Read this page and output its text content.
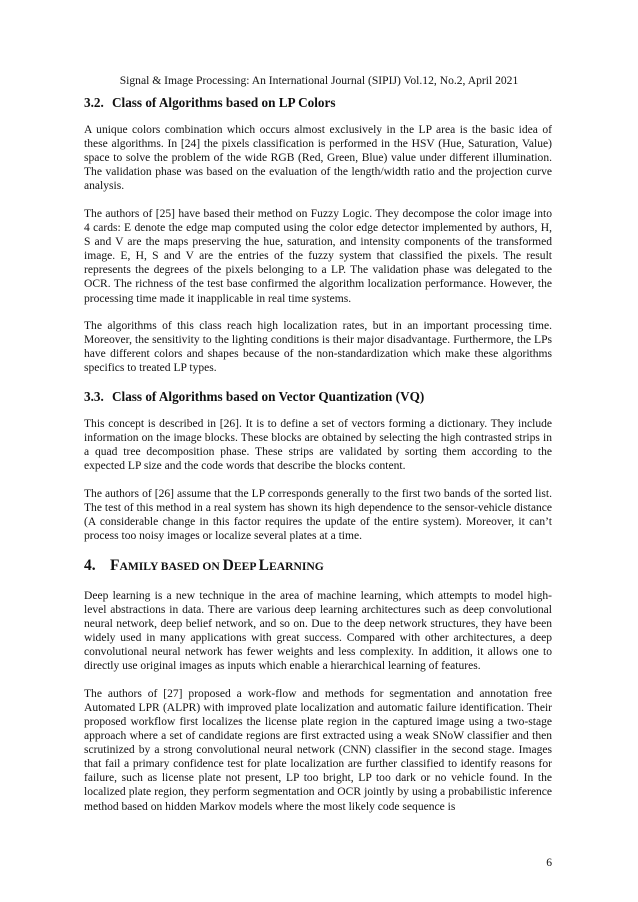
Signal & Image Processing: An International Journal (SIPIJ) Vol.12, No.2, April 2021
3.2. Class of Algorithms based on LP Colors

A unique colors combination which occurs almost exclusively in the LP area is the basic idea of these algorithms. In [24] the pixels classification is performed in the HSV (Hue, Saturation, Value) space to solve the problem of the wide RGB (Red, Green, Blue) value under different illumination. The validation phase was based on the evaluation of the length/width ratio and the projection curve analysis.

The authors of [25] have based their method on Fuzzy Logic. They decompose the color image into 4 cards: E denote the edge map computed using the color edge detector implemented by authors, H, S and V are the maps preserving the hue, saturation, and intensity components of the transformed image. E, H, S and V are the entries of the fuzzy system that classified the pixels. The result represents the degrees of the pixels belonging to a LP. The validation phase was delegated to the OCR. The richness of the test base confirmed the algorithm localization performance. However, the processing time made it inapplicable in real time systems.

The algorithms of this class reach high localization rates, but in an important processing time. Moreover, the sensitivity to the lighting conditions is their major disadvantage. Furthermore, the LPs have different colors and shapes because of the non-standardization which make these algorithms specifics to treated LP types.

3.3. Class of Algorithms based on Vector Quantization (VQ)

This concept is described in [26]. It is to define a set of vectors forming a dictionary. They include information on the image blocks. These blocks are obtained by selecting the high contrasted strips in a quad tree decomposition phase. These strips are validated by sorting them according to the expected LP size and the code words that describe the blocks content.

The authors of [26] assume that the LP corresponds generally to the first two bands of the sorted list. The test of this method in a real system has shown its high dependence to the sensor-vehicle distance (A considerable change in this factor requires the update of the entire system). Moreover, it can’t process too noisy images or localize several plates at a time.

4. FAMILY BASED ON DEEP LEARNING

Deep learning is a new technique in the area of machine learning, which attempts to model high-level abstractions in data. There are various deep learning architectures such as deep convolutional neural network, deep belief network, and so on. Due to the deep network structures, they have been widely used in many applications with great success. Compared with other architectures, a deep convolutional neural network has fewer weights and less complexity. In addition, it allows one to directly use original images as inputs which enable a hierarchical learning of features.

The authors of [27] proposed a work-flow and methods for segmentation and annotation free Automated LPR (ALPR) with improved plate localization and automatic failure identification. Their proposed workflow first localizes the license plate region in the captured image using a two-stage approach where a set of candidate regions are first extracted using a weak SNoW classifier and then scrutinized by a strong convolutional neural network (CNN) classifier in the second stage. Images that fail a primary confidence test for plate localization are further classified to identify reasons for failure, such as license plate not present, LP too bright, LP too dark or no vehicle found. In the localized plate region, they perform segmentation and OCR jointly by using a probabilistic inference method based on hidden Markov models where the most likely code sequence is

6
